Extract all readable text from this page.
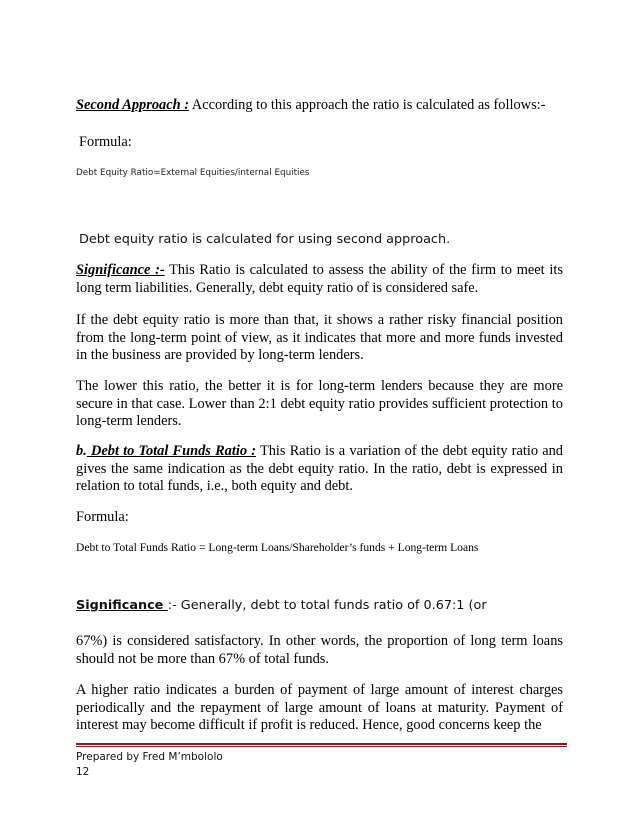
Second Approach : According to this approach the ratio is calculated as follows:-

Formula:

Debt Equity Ratio=External Equities/internal Equities

Debt equity ratio is calculated for using second approach.

Significance :- This Ratio is calculated to assess the ability of the firm to meet its long term liabilities. Generally, debt equity ratio of is considered safe.

If the debt equity ratio is more than that, it shows a rather risky financial position from the long-term point of view, as it indicates that more and more funds invested in the business are provided by long-term lenders.

The lower this ratio, the better it is for long-term lenders because they are more secure in that case. Lower than 2:1 debt equity ratio provides sufficient protection to long-term lenders.

b. Debt to Total Funds Ratio : This Ratio is a variation of the debt equity ratio and gives the same indication as the debt equity ratio. In the ratio, debt is expressed in relation to total funds, i.e., both equity and debt.

Formula:

Debt to Total Funds Ratio = Long-term Loans/Shareholder’s funds + Long-term Loans

Significance :- Generally, debt to total funds ratio of 0.67:1 (or

67%) is considered satisfactory. In other words, the proportion of long term loans should not be more than 67% of total funds.

A higher ratio indicates a burden of payment of large amount of interest charges periodically and the repayment of large amount of loans at maturity. Payment of interest may become difficult if profit is reduced. Hence, good concerns keep the

Prepared by Fred M’mbololo
12
